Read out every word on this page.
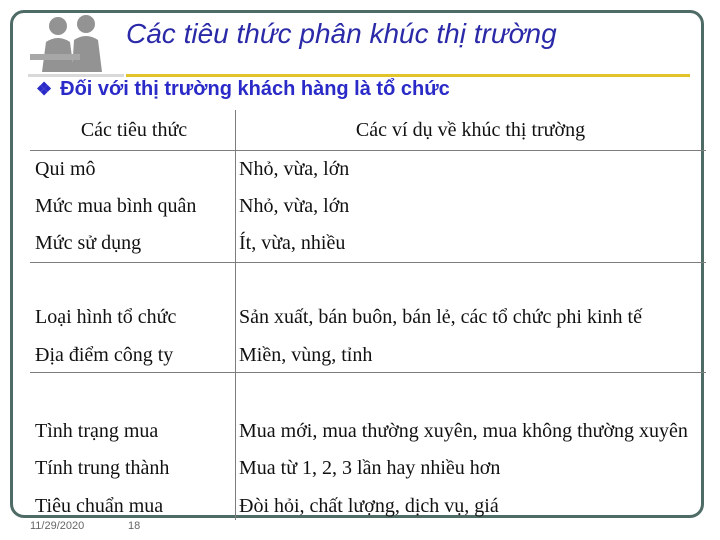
Các tiêu thức phân khúc thị trường
❖ Đối với thị trường khách hàng là tổ chức
Các tiêu thức	Các ví dụ về khúc thị trường
Qui mô	Nhỏ, vừa, lớn
Mức mua bình quân	Nhỏ, vừa, lớn
Mức sử dụng	Ít, vừa, nhiều
Loại hình tổ chức	Sản xuất, bán buôn, bán lẻ, các tổ chức phi kinh tế
Địa điểm công ty	Miền, vùng, tỉnh
Tình trạng mua	Mua mới, mua thường xuyên, mua không thường xuyên
Tính trung thành	Mua từ 1, 2, 3 lần hay nhiều hơn
Tiêu chuẩn mua	Đòi hỏi, chất lượng, dịch vụ, giá
11/29/2020	18
